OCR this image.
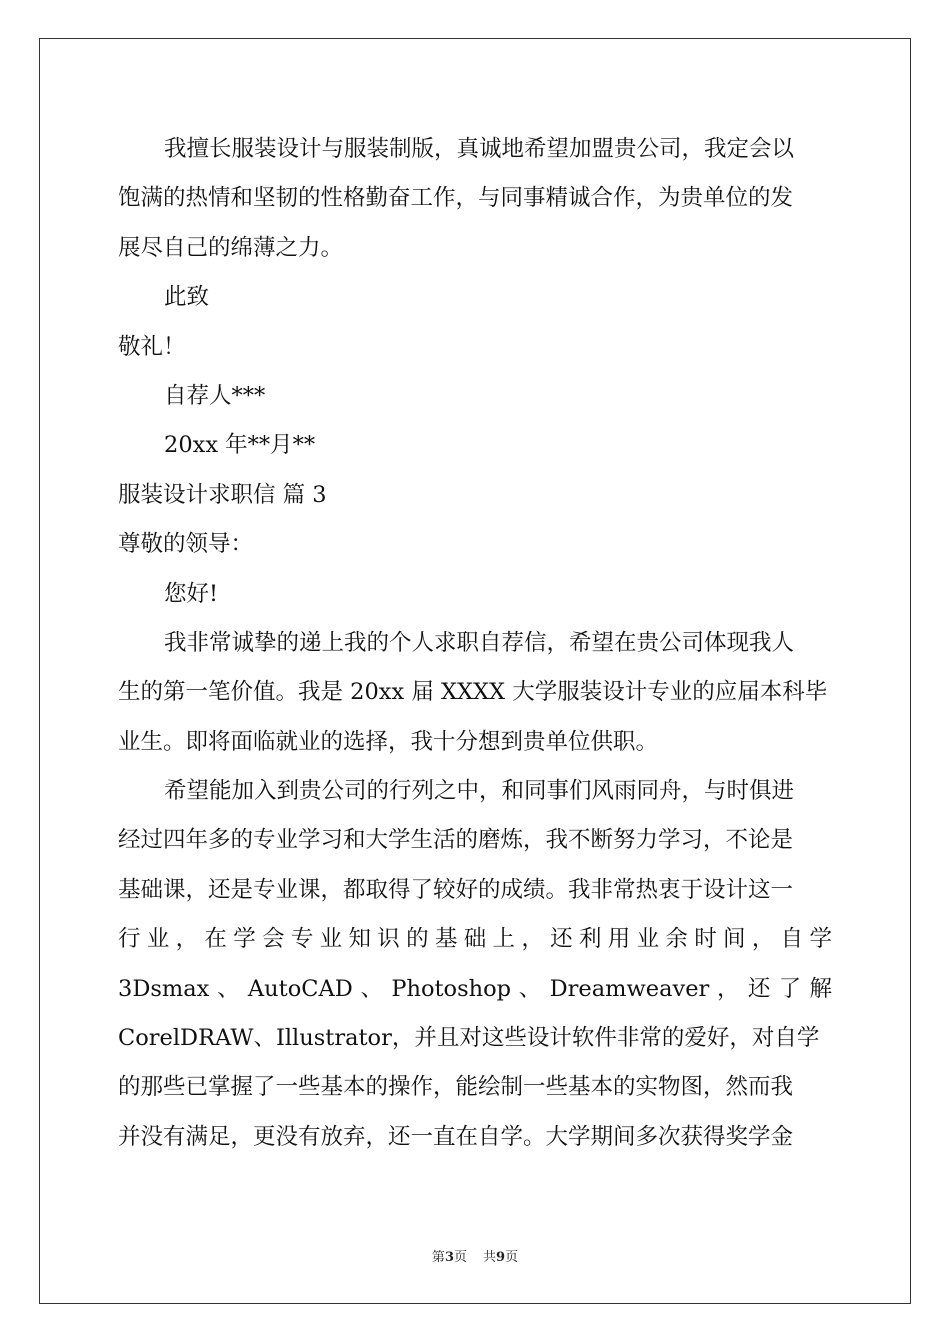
我擅长服装设计与服装制版，真诚地希望加盟贵公司，我定会以
饱满的热情和坚韧的性格勤奋工作，与同事精诚合作，为贵单位的发
展尽自己的绵薄之力。
此致
敬礼！
自荐人***
20xx 年**月**
服装设计求职信 篇 3
尊敬的领导：
您好!
我非常诚挚的递上我的个人求职自荐信，希望在贵公司体现我人
生的第一笔价值。我是 20xx 届 XXXX 大学服装设计专业的应届本科毕
业生。即将面临就业的选择，我十分想到贵单位供职。
希望能加入到贵公司的行列之中，和同事们风雨同舟，与时俱进
经过四年多的专业学习和大学生活的磨炼，我不断努力学习，不论是
基础课，还是专业课，都取得了较好的成绩。我非常热衷于设计这一
行业，在学会专业知识的基础上，还利用业余时间，自学
3Dsmax 、 AutoCAD 、 Photoshop 、 Dreamweaver ， 还 了 解
CorelDRAW、Illustrator，并且对这些设计软件非常的爱好，对自学
的那些已掌握了一些基本的操作，能绘制一些基本的实物图，然而我
并没有满足，更没有放弃，还一直在自学。大学期间多次获得奖学金
第3页 共9页
